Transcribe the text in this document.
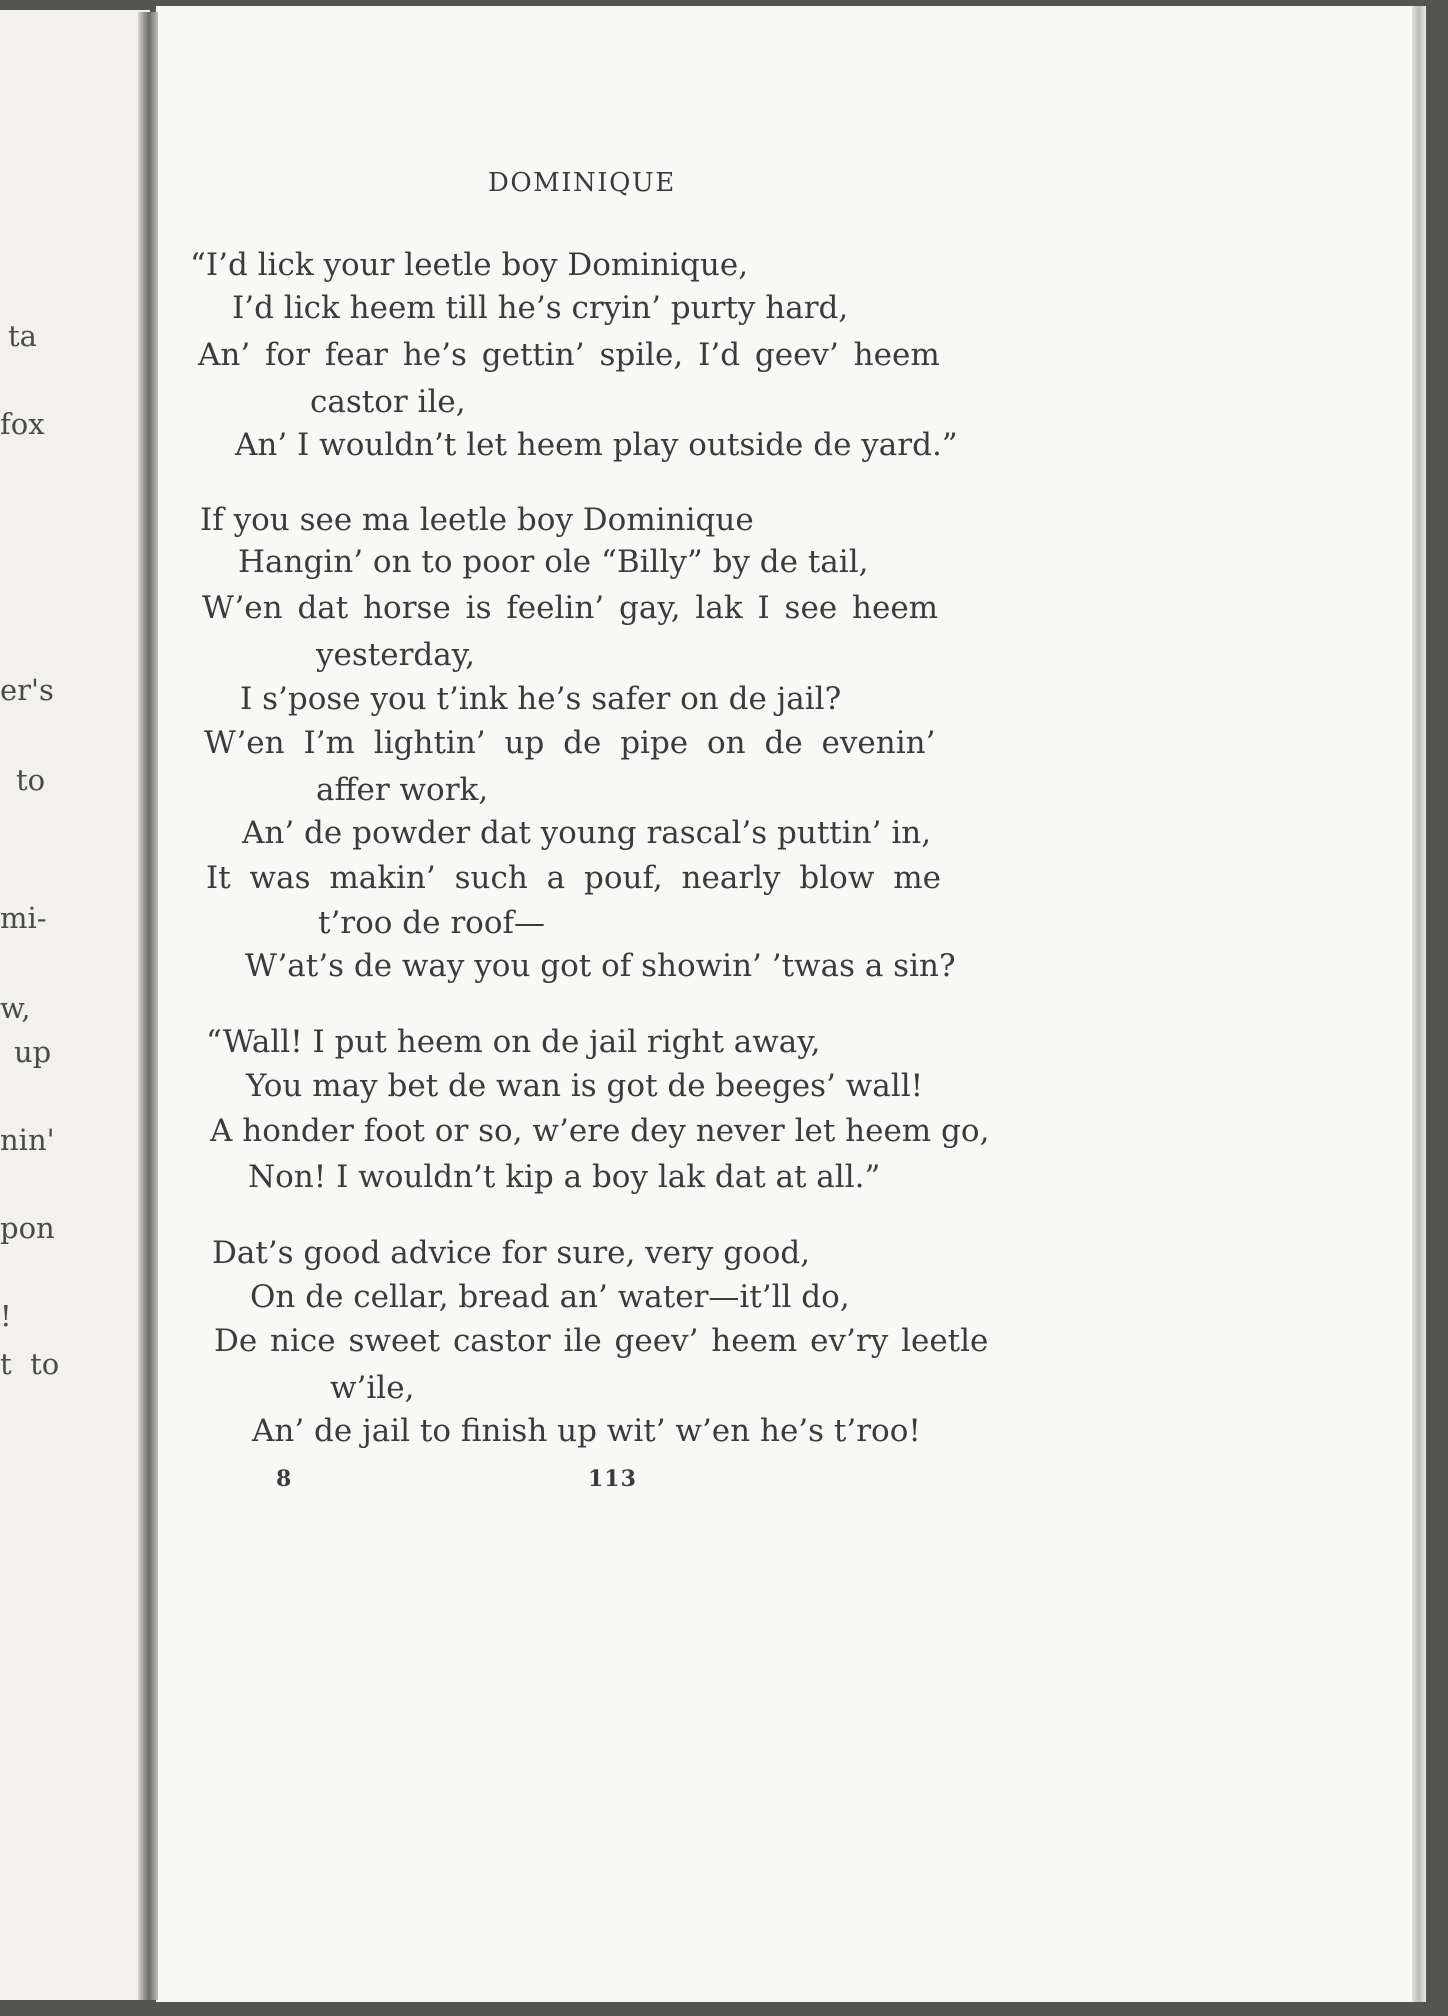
ta
fox
er's
to
mi-
w,
up
nin'
pon
!
t  to
DOMINIQUE
“I’d lick your leetle boy Dominique,
I’d lick heem till he’s cryin’ purty hard,
An’ for fear he’s gettin’ spile, I’d geev’ heem
castor ile,
An’ I wouldn’t let heem play outside de yard.”
If you see ma leetle boy Dominique
Hangin’ on to poor ole “Billy” by de tail,
W’en dat horse is feelin’ gay, lak I see heem
yesterday,
I s’pose you t’ink he’s safer on de jail?
W’en I’m lightin’ up de pipe on de evenin’
affer work,
An’ de powder dat young rascal’s puttin’ in,
It was makin’ such a pouf, nearly blow me
t’roo de roof—
W’at’s de way you got of showin’ ’twas a sin?
“Wall! I put heem on de jail right away,
You may bet de wan is got de beeges’ wall!
A honder foot or so, w’ere dey never let heem go,
Non! I wouldn’t kip a boy lak dat at all.”
Dat’s good advice for sure, very good,
On de cellar, bread an’ water—it’ll do,
De nice sweet castor ile geev’ heem ev’ry leetle
w’ile,
An’ de jail to finish up wit’ w’en he’s t’roo!
8	113
